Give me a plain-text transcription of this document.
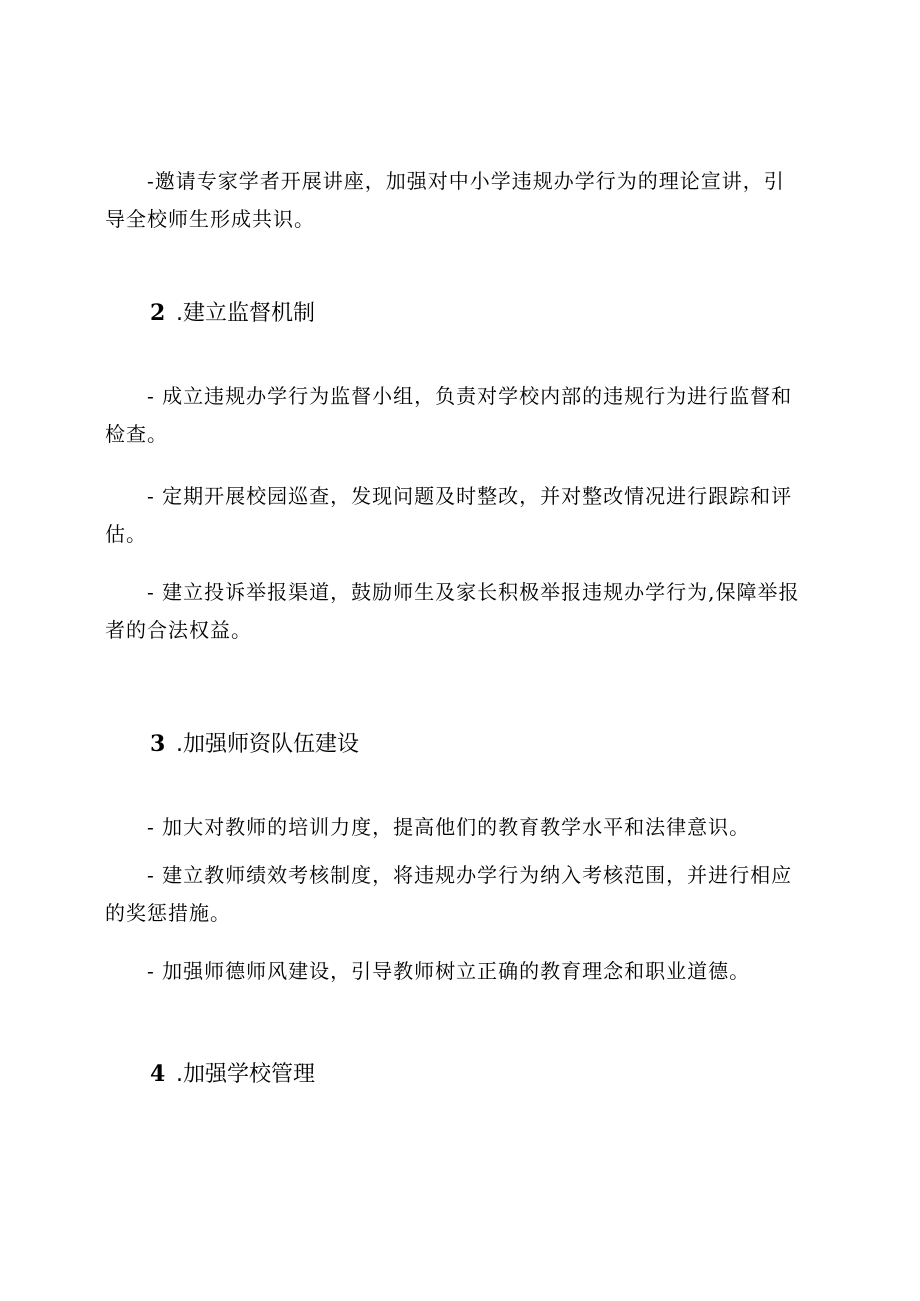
-邀请专家学者开展讲座，加强对中小学违规办学行为的理论宣讲，引导全校师生形成共识。

2 .建立监督机制

- 成立违规办学行为监督小组，负责对学校内部的违规行为进行监督和检查。

- 定期开展校园巡查，发现问题及时整改，并对整改情况进行跟踪和评估。

- 建立投诉举报渠道，鼓励师生及家长积极举报违规办学行为,保障举报者的合法权益。

3 .加强师资队伍建设

- 加大对教师的培训力度，提高他们的教育教学水平和法律意识。

- 建立教师绩效考核制度，将违规办学行为纳入考核范围，并进行相应的奖惩措施。

- 加强师德师风建设，引导教师树立正确的教育理念和职业道德。

4 .加强学校管理
